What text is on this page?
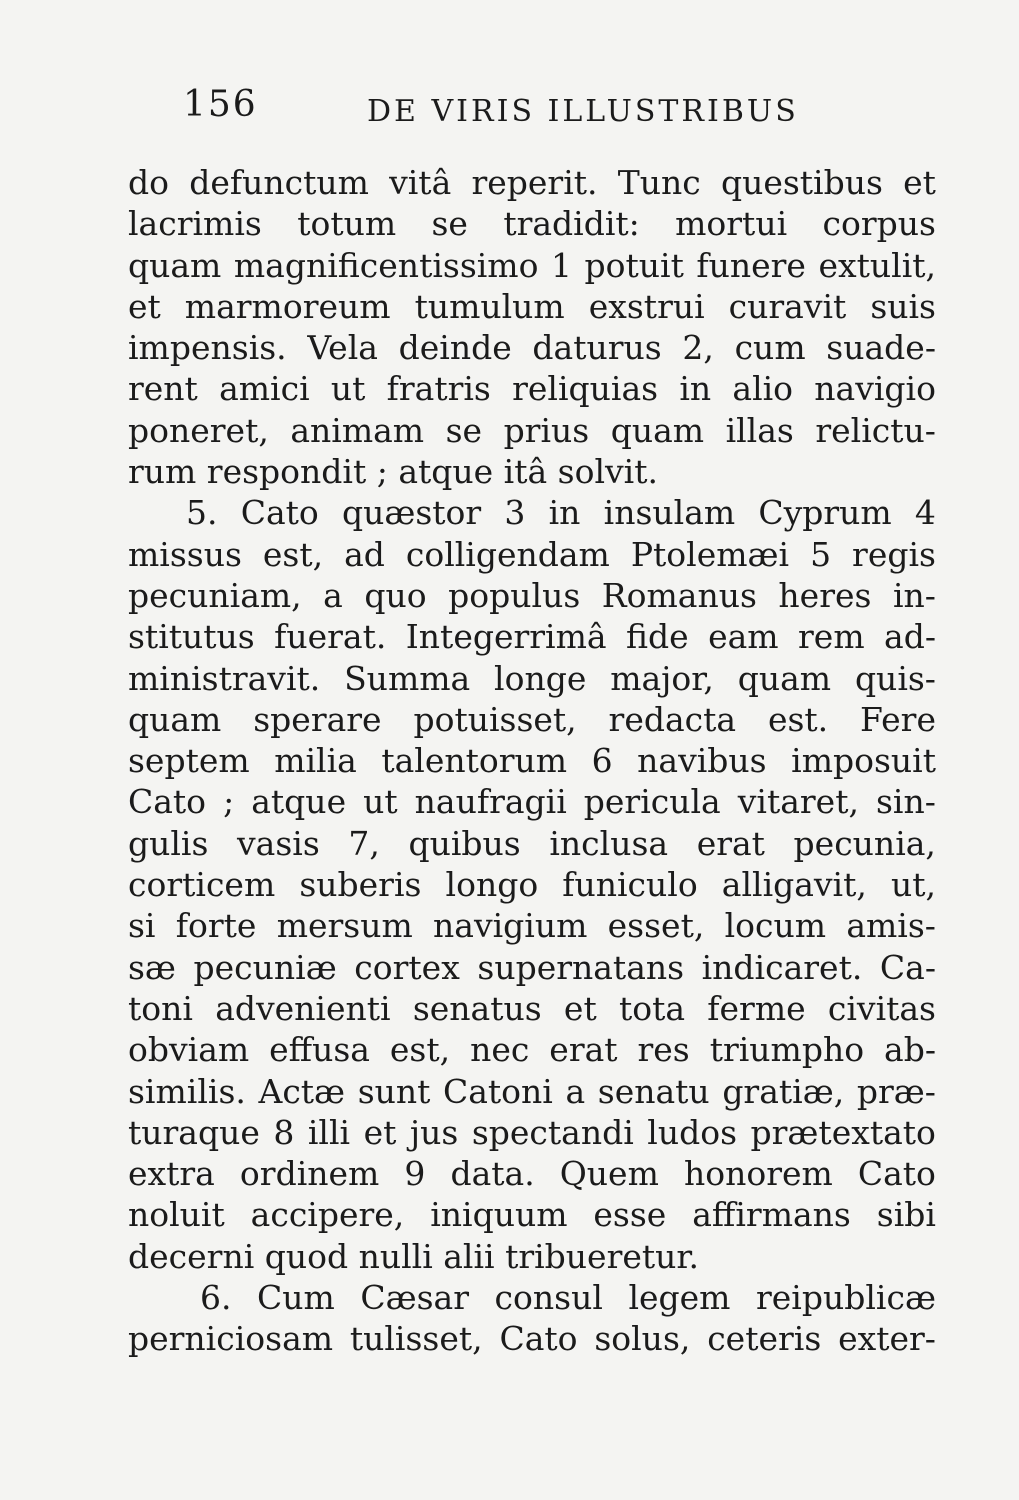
156	DE VIRIS ILLUSTRIBUS
do defunctum vitâ reperit. Tunc questibus et
lacrimis totum se tradidit: mortui corpus
quam magnificentissimo 1 potuit funere extulit,
et marmoreum tumulum exstrui curavit suis
impensis. Vela deinde daturus 2, cum suade-
rent amici ut fratris reliquias in alio navigio
poneret, animam se prius quam illas relictu-
rum respondit ; atque itâ solvit.
5. Cato quæstor 3 in insulam Cyprum 4
missus est, ad colligendam Ptolemæi 5 regis
pecuniam, a quo populus Romanus heres in-
stitutus fuerat. Integerrimâ fide eam rem ad-
ministravit. Summa longe major, quam quis-
quam sperare potuisset, redacta est. Fere
septem milia talentorum 6 navibus imposuit
Cato ; atque ut naufragii pericula vitaret, sin-
gulis vasis 7, quibus inclusa erat pecunia,
corticem suberis longo funiculo alligavit, ut,
si forte mersum navigium esset, locum amis-
sæ pecuniæ cortex supernatans indicaret. Ca-
toni advenienti senatus et tota ferme civitas
obviam effusa est, nec erat res triumpho ab-
similis. Actæ sunt Catoni a senatu gratiæ, præ-
turaque 8 illi et jus spectandi ludos prætextato
extra ordinem 9 data. Quem honorem Cato
noluit accipere, iniquum esse affirmans sibi
decerni quod nulli alii tribueretur.
6. Cum Cæsar consul legem reipublicæ
perniciosam tulisset, Cato solus, ceteris exter-
